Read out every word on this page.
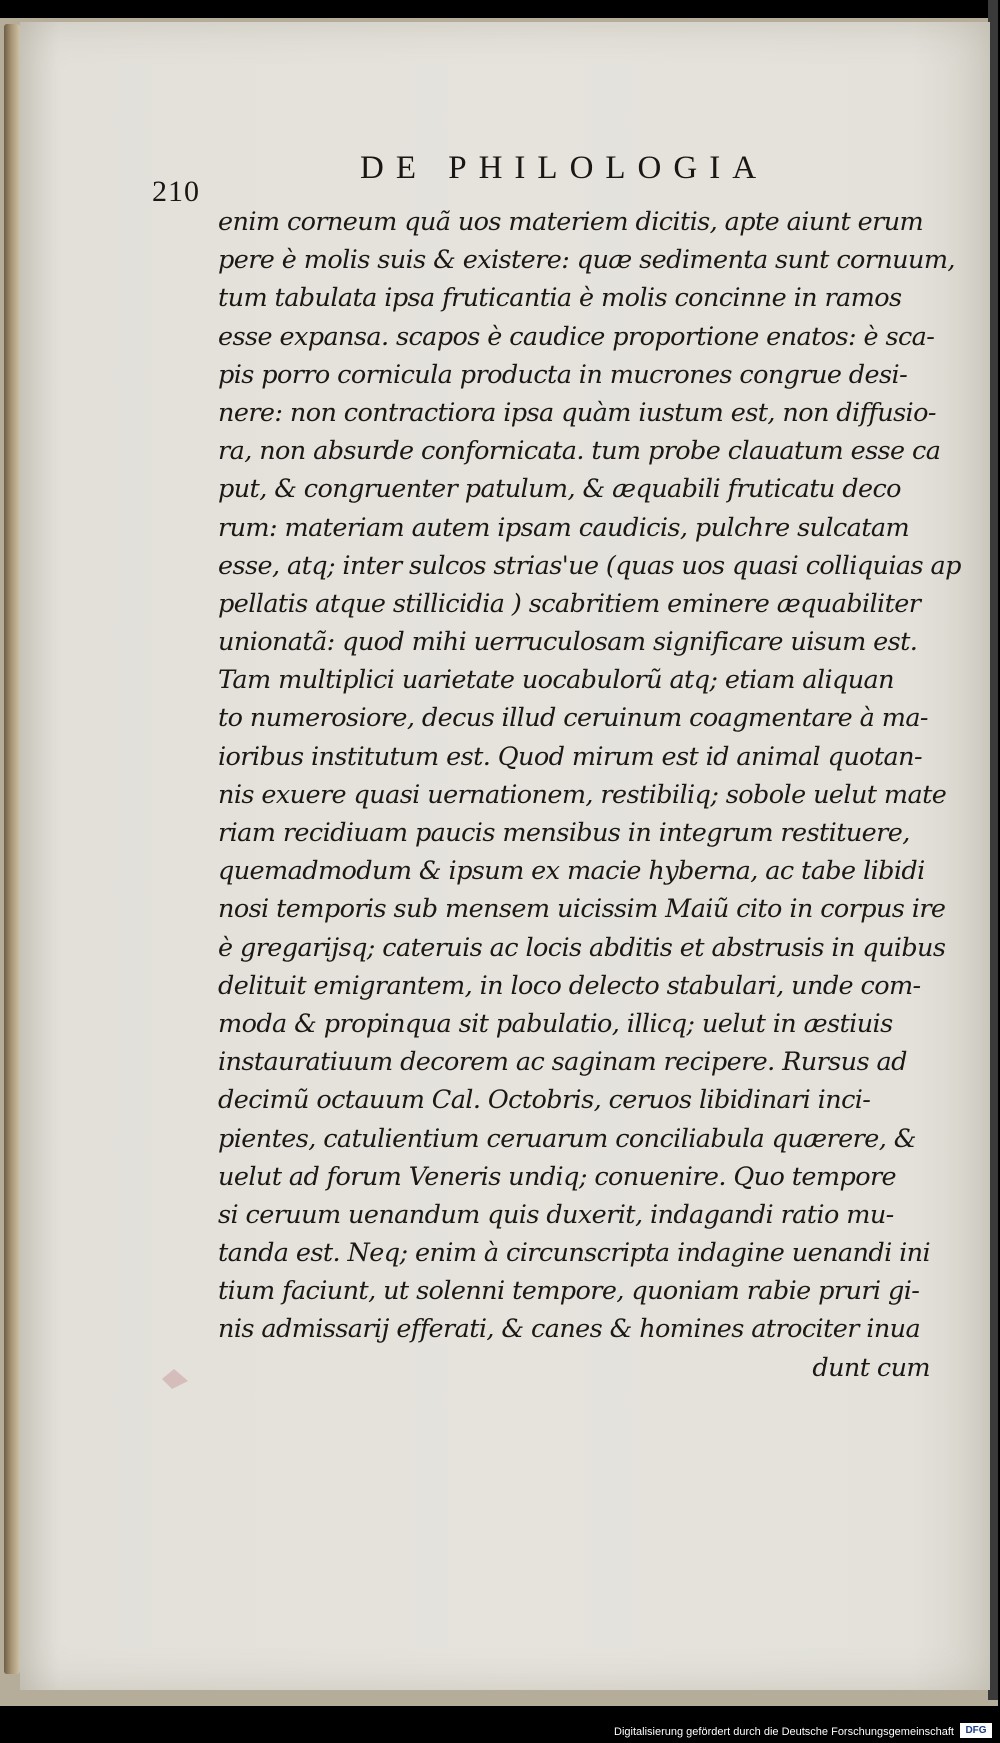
210
DE PHILOLOGIA
enim corneum quã uos materiem dicitis, apte aiunt erum
pere è molis suis & existere: quæ sedimenta sunt cornuum,
tum tabulata ipsa fruticantia è molis concinne in ramos
esse expansa. scapos è caudice proportione enatos: è sca-
pis porro cornicula producta in mucrones congrue desi-
nere: non contractiora ipsa quàm iustum est, non diffusio-
ra, non absurde confornicata. tum probe clauatum esse ca
put, & congruenter patulum, & æquabili fruticatu deco
rum: materiam autem ipsam caudicis, pulchre sulcatam
esse, atq; inter sulcos strias'ue (quas uos quasi colliquias ap
pellatis atque stillicidia ) scabritiem eminere æquabiliter
unionatã: quod mihi uerruculosam significare uisum est.
Tam multiplici uarietate uocabulorũ atq; etiam aliquan
to numerosiore, decus illud ceruinum coagmentare à ma-
ioribus institutum est. Quod mirum est id animal quotan-
nis exuere quasi uernationem, restibiliq; sobole uelut mate
riam recidiuam paucis mensibus in integrum restituere,
quemadmodum & ipsum ex macie hyberna, ac tabe libidi
nosi temporis sub mensem uicissim Maiũ cito in corpus ire
è gregarijsq; cateruis ac locis abditis et abstrusis in quibus
delituit emigrantem, in loco delecto stabulari, unde com-
moda & propinqua sit pabulatio, illicq; uelut in æstiuis
instauratiuum decorem ac saginam recipere. Rursus ad
decimũ octauum Cal. Octobris, ceruos libidinari inci-
pientes, catulientium ceruarum conciliabula quærere, &
uelut ad forum Veneris undiq; conuenire. Quo tempore
si ceruum uenandum quis duxerit, indagandi ratio mu-
tanda est. Neq; enim à circunscripta indagine uenandi ini
tium faciunt, ut solenni tempore, quoniam rabie pruri gi-
nis admissarij efferati, & canes & homines atrociter inua
dunt cum
Digitalisierung gefördert durch die Deutsche Forschungsgemeinschaft	DFG
